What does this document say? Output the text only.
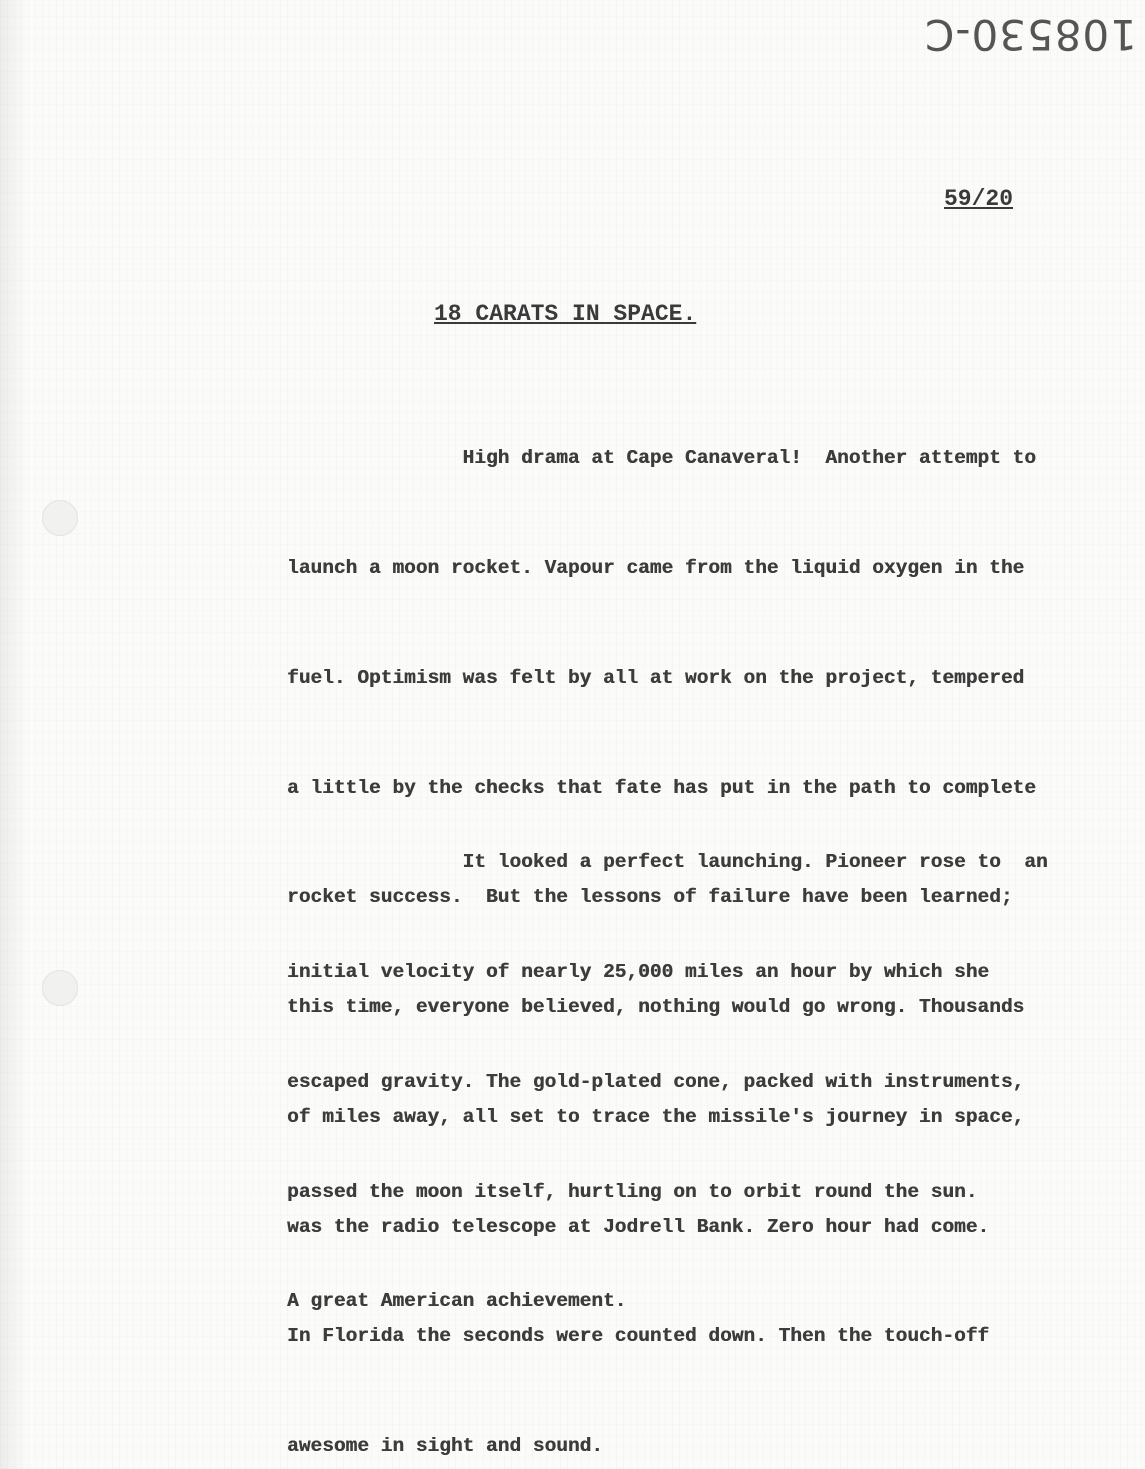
108530-C
59/20
18 CARATS IN SPACE.

High drama at Cape Canaveral!  Another attempt to

launch a moon rocket. Vapour came from the liquid oxygen in the

fuel. Optimism was felt by all at work on the project, tempered

a little by the checks that fate has put in the path to complete

rocket success.  But the lessons of failure have been learned;

this time, everyone believed, nothing would go wrong. Thousands

of miles away, all set to trace the missile's journey in space,

was the radio telescope at Jodrell Bank. Zero hour had come.

In Florida the seconds were counted down. Then the touch-off

awesome in sight and sound.

It looked a perfect launching. Pioneer rose to  an

initial velocity of nearly 25,000 miles an hour by which she

escaped gravity. The gold-plated cone, packed with instruments,

passed the moon itself, hurtling on to orbit round the sun.

A great American achievement.
